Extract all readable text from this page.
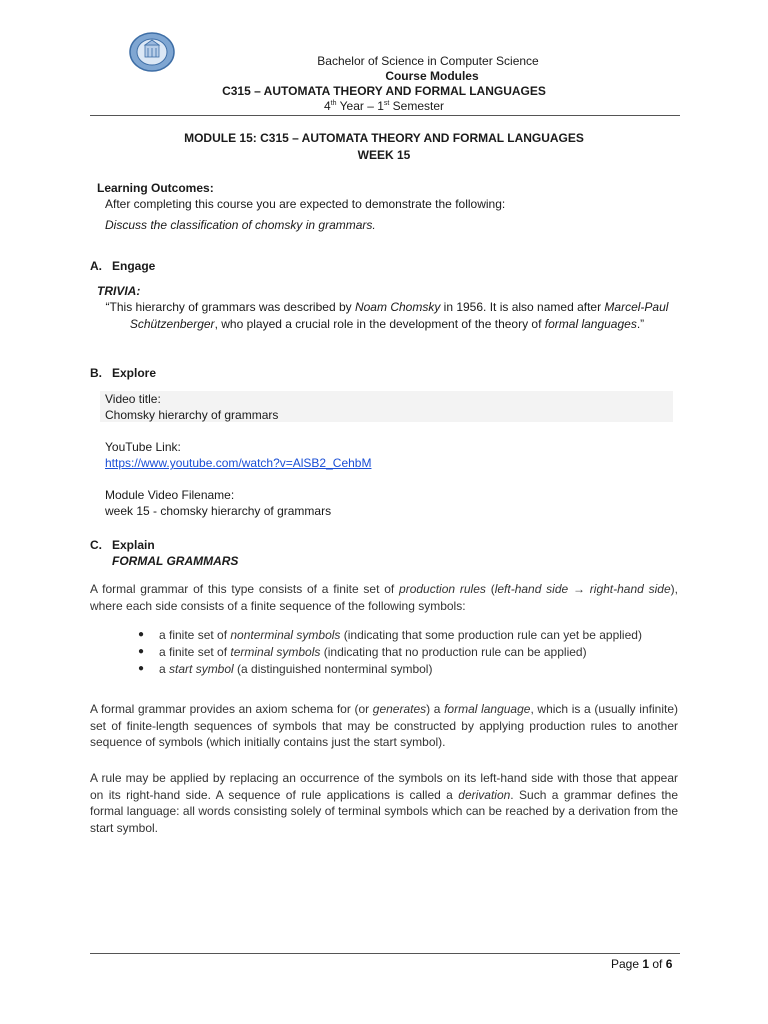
Bachelor of Science in Computer Science
Course Modules
C315 – AUTOMATA THEORY AND FORMAL LANGUAGES
4th Year – 1st Semester
MODULE 15: C315 – AUTOMATA THEORY AND FORMAL LANGUAGES
WEEK 15
Learning Outcomes:
After completing this course you are expected to demonstrate the following:
Discuss the classification of chomsky in grammars.
A. Engage
TRIVIA:
“This hierarchy of grammars was described by Noam Chomsky in 1956. It is also named after Marcel-Paul Schützenberger, who played a crucial role in the development of the theory of formal languages.”
B. Explore
Video title:
Chomsky hierarchy of grammars
YouTube Link:
https://www.youtube.com/watch?v=AlSB2_CehbM
Module Video Filename:
week 15 - chomsky hierarchy of grammars
C. Explain
FORMAL GRAMMARS
A formal grammar of this type consists of a finite set of production rules (left-hand side → right-hand side), where each side consists of a finite sequence of the following symbols:
● a finite set of nonterminal symbols (indicating that some production rule can yet be applied)
● a finite set of terminal symbols (indicating that no production rule can be applied)
● a start symbol (a distinguished nonterminal symbol)
A formal grammar provides an axiom schema for (or generates) a formal language, which is a (usually infinite) set of finite-length sequences of symbols that may be constructed by applying production rules to another sequence of symbols (which initially contains just the start symbol).
A rule may be applied by replacing an occurrence of the symbols on its left-hand side with those that appear on its right-hand side. A sequence of rule applications is called a derivation. Such a grammar defines the formal language: all words consisting solely of terminal symbols which can be reached by a derivation from the start symbol.
Page 1 of 6
